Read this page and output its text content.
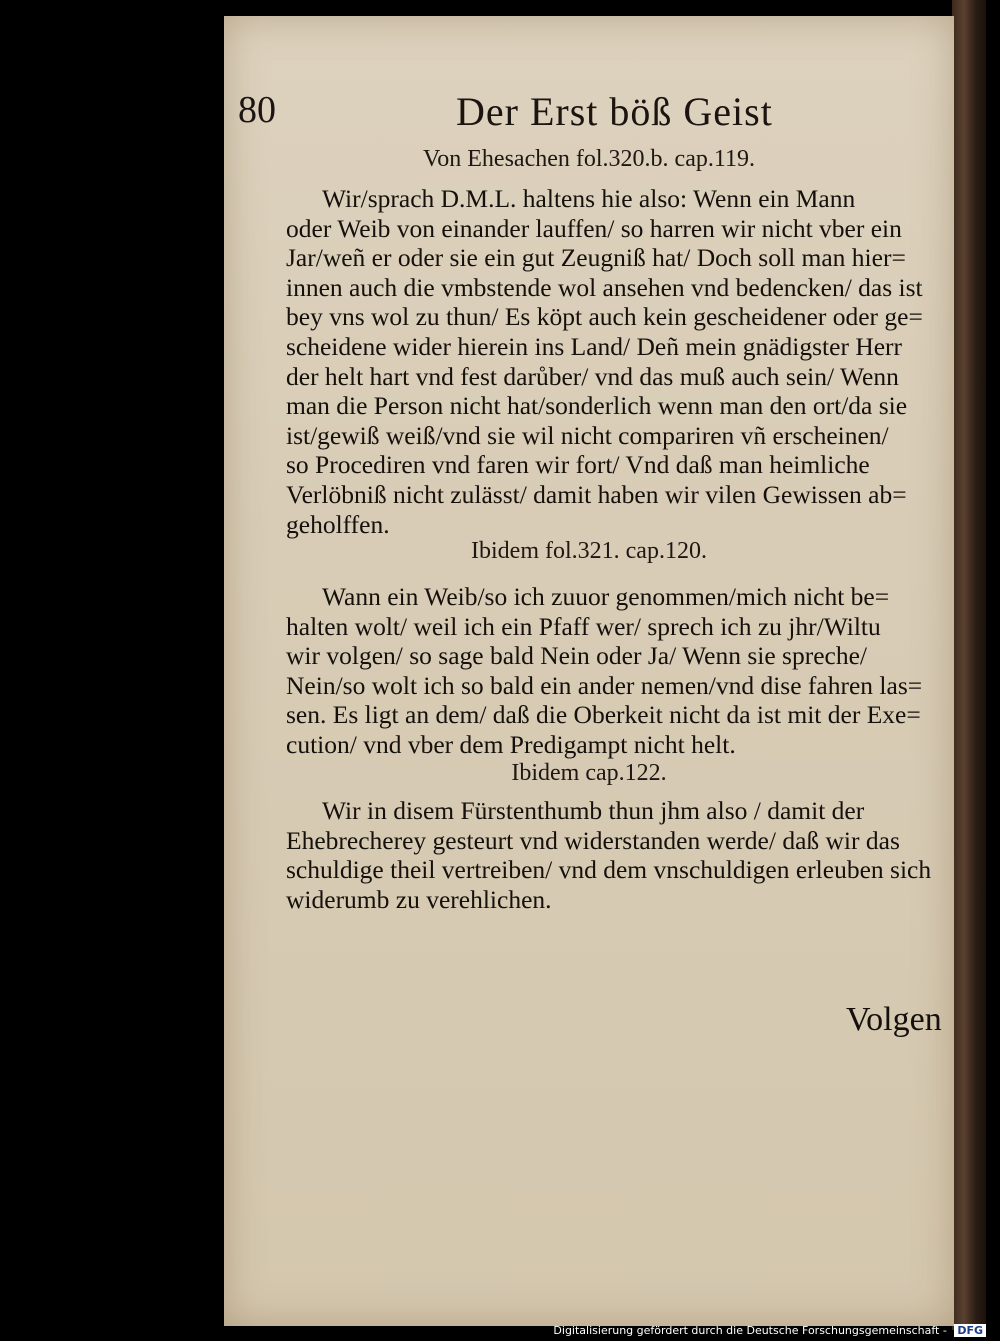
80	Der Erst böß Geist
Von Ehesachen fol.320.b. cap.119.
Wir/sprach D.M.L. haltens hie also: Wenn ein Mann
oder Weib von einander lauffen/ so harren wir nicht vber ein
Jar/weñ er oder sie ein gut Zeugniß hat/ Doch soll man hier=
innen auch die vmbstende wol ansehen vnd bedencken/ das ist
bey vns wol zu thun/ Es köpt auch kein gescheidener oder ge=
scheidene wider hierein ins Land/ Deñ mein gnädigster Herr
der helt hart vnd fest darůber/ vnd das muß auch sein/ Wenn
man die Person nicht hat/sonderlich wenn man den ort/da sie
ist/gewiß weiß/vnd sie wil nicht compariren vñ erscheinen/
so Procediren vnd faren wir fort/ Vnd daß man heimliche
Verlöbniß nicht zulässt/ damit haben wir vilen Gewissen ab=
geholffen.
Ibidem fol.321. cap.120.
Wann ein Weib/so ich zuuor genommen/mich nicht be=
halten wolt/ weil ich ein Pfaff wer/ sprech ich zu jhr/Wiltu
wir volgen/ so sage bald Nein oder Ja/ Wenn sie spreche/
Nein/so wolt ich so bald ein ander nemen/vnd dise fahren las=
sen. Es ligt an dem/ daß die Oberkeit nicht da ist mit der Exe=
cution/ vnd vber dem Predigampt nicht helt.
Ibidem cap.122.
Wir in disem Fürstenthumb thun jhm also / damit der
Ehebrecherey gesteurt vnd widerstanden werde/ daß wir das
schuldige theil vertreiben/ vnd dem vnschuldigen erleuben sich
widerumb zu verehlichen.
Volgen
Digitalisierung gefördert durch die Deutsche Forschungsgemeinschaft - DFG
